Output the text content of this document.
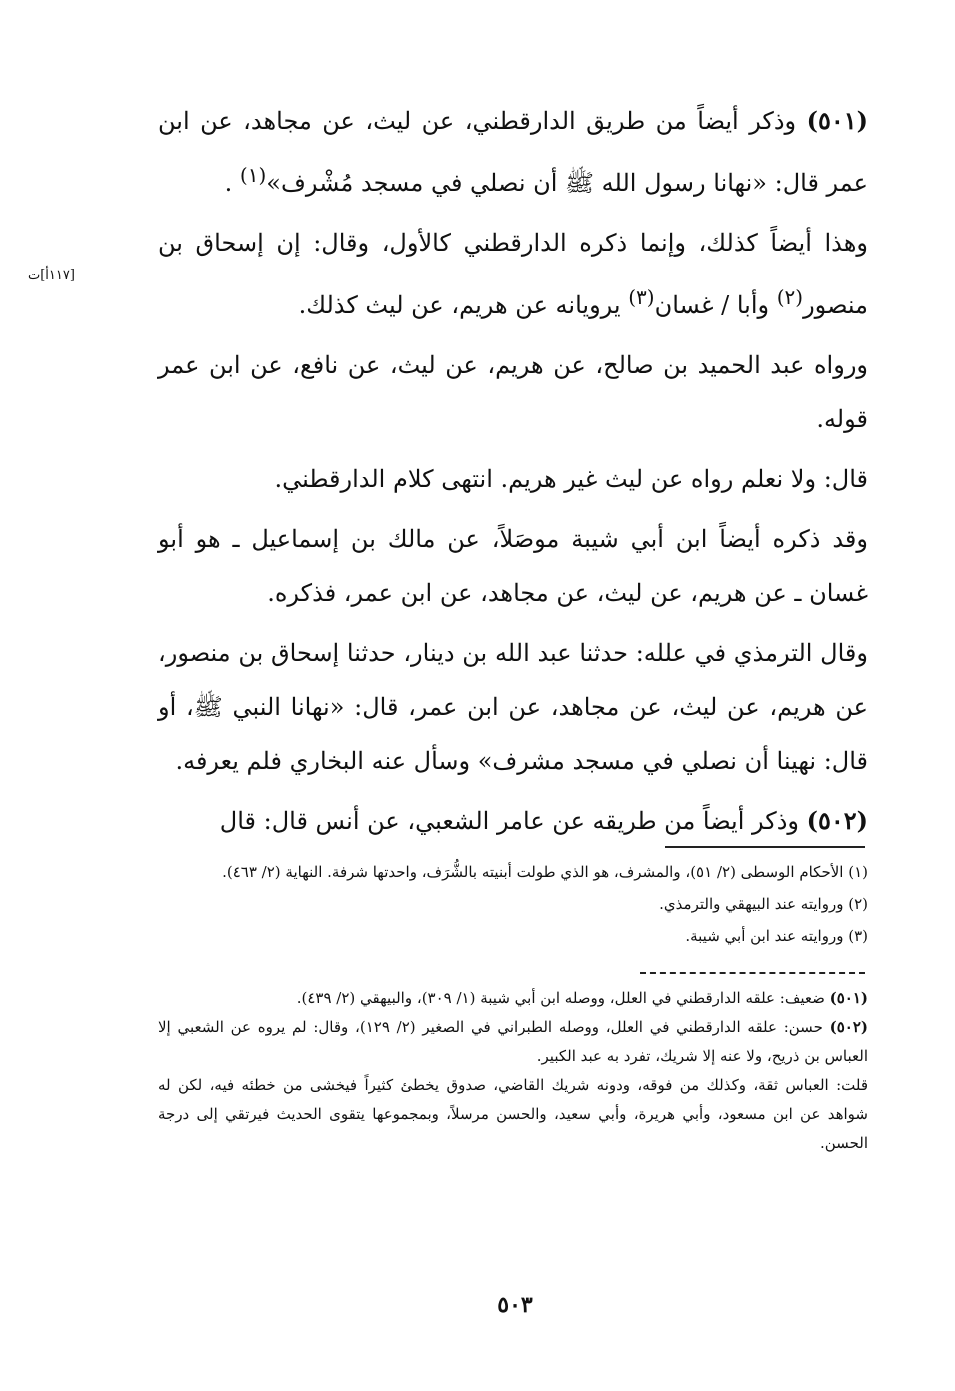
(٥٠١) وذكر أيضاً من طريق الدارقطني، عن ليث، عن مجاهد، عن ابن عمر قال: «نهانا رسول الله ﷺ أن نصلي في مسجد مُشْرف»$^{(١)}$ .

وهذا أيضاً كذلك، وإنما ذكره الدارقطني كالأول، وقال: إن إسحاق بن منصور$^{(٢)}$ وأبا / غسان$^{(٣)}$ يرويانه عن هريم، عن ليث كذلك.

ورواه عبد الحميد بن صالح، عن هريم، عن ليث، عن نافع، عن ابن عمر قوله.

قال: ولا نعلم رواه عن ليث غير هريم. انتهى كلام الدارقطني.

وقد ذكره أيضاً ابن أبي شيبة موصَلاً، عن مالك بن إسماعيل ـ هو أبو غسان ـ عن هريم، عن ليث، عن مجاهد، عن ابن عمر، فذكره.

وقال الترمذي في علله: حدثنا عبد الله بن دينار، حدثنا إسحاق بن منصور، عن هريم، عن ليث، عن مجاهد، عن ابن عمر، قال: «نهانا النبي ﷺ، أو قال: نهينا أن نصلي في مسجد مشرف» وسأل عنه البخاري فلم يعرفه.

(٥٠٢) وذكر أيضاً من طريقه عن عامر الشعبي، عن أنس قال: قال

[١١٧أ]ت

(١) الأحكام الوسطى (٢/ ٥١)، والمشرف، هو الذي طولت أبنيته بالشُّرَف، واحدتها شرفة. النهاية (٢/ ٤٦٣).

(٢) وروايته عند البيهقي والترمذي.

(٣) وروايته عند ابن أبي شيبة.

(٥٠١) ضعيف: علقه الدارقطني في العلل، ووصله ابن أبي شيبة (١/ ٣٠٩)، والبيهقي (٢/ ٤٣٩).

(٥٠٢) حسن: علقه الدارقطني في العلل، ووصله الطبراني في الصغير (٢/ ١٢٩)، وقال: لم يروه عن الشعبي إلا العباس بن ذريح، ولا عنه إلا شريك، تفرد به عبد الكبير.

قلت: العباس ثقة، وكذلك من فوقه، ودونه شريك القاضي، صدوق يخطئ كثيراً فيخشى من خطئه فيه، لكن له شواهد عن ابن مسعود، وأبي هريرة، وأبي سعيد، والحسن مرسلاً، وبمجموعها يتقوى الحديث فيرتقي إلى درجة الحسن.

٥٠٣
